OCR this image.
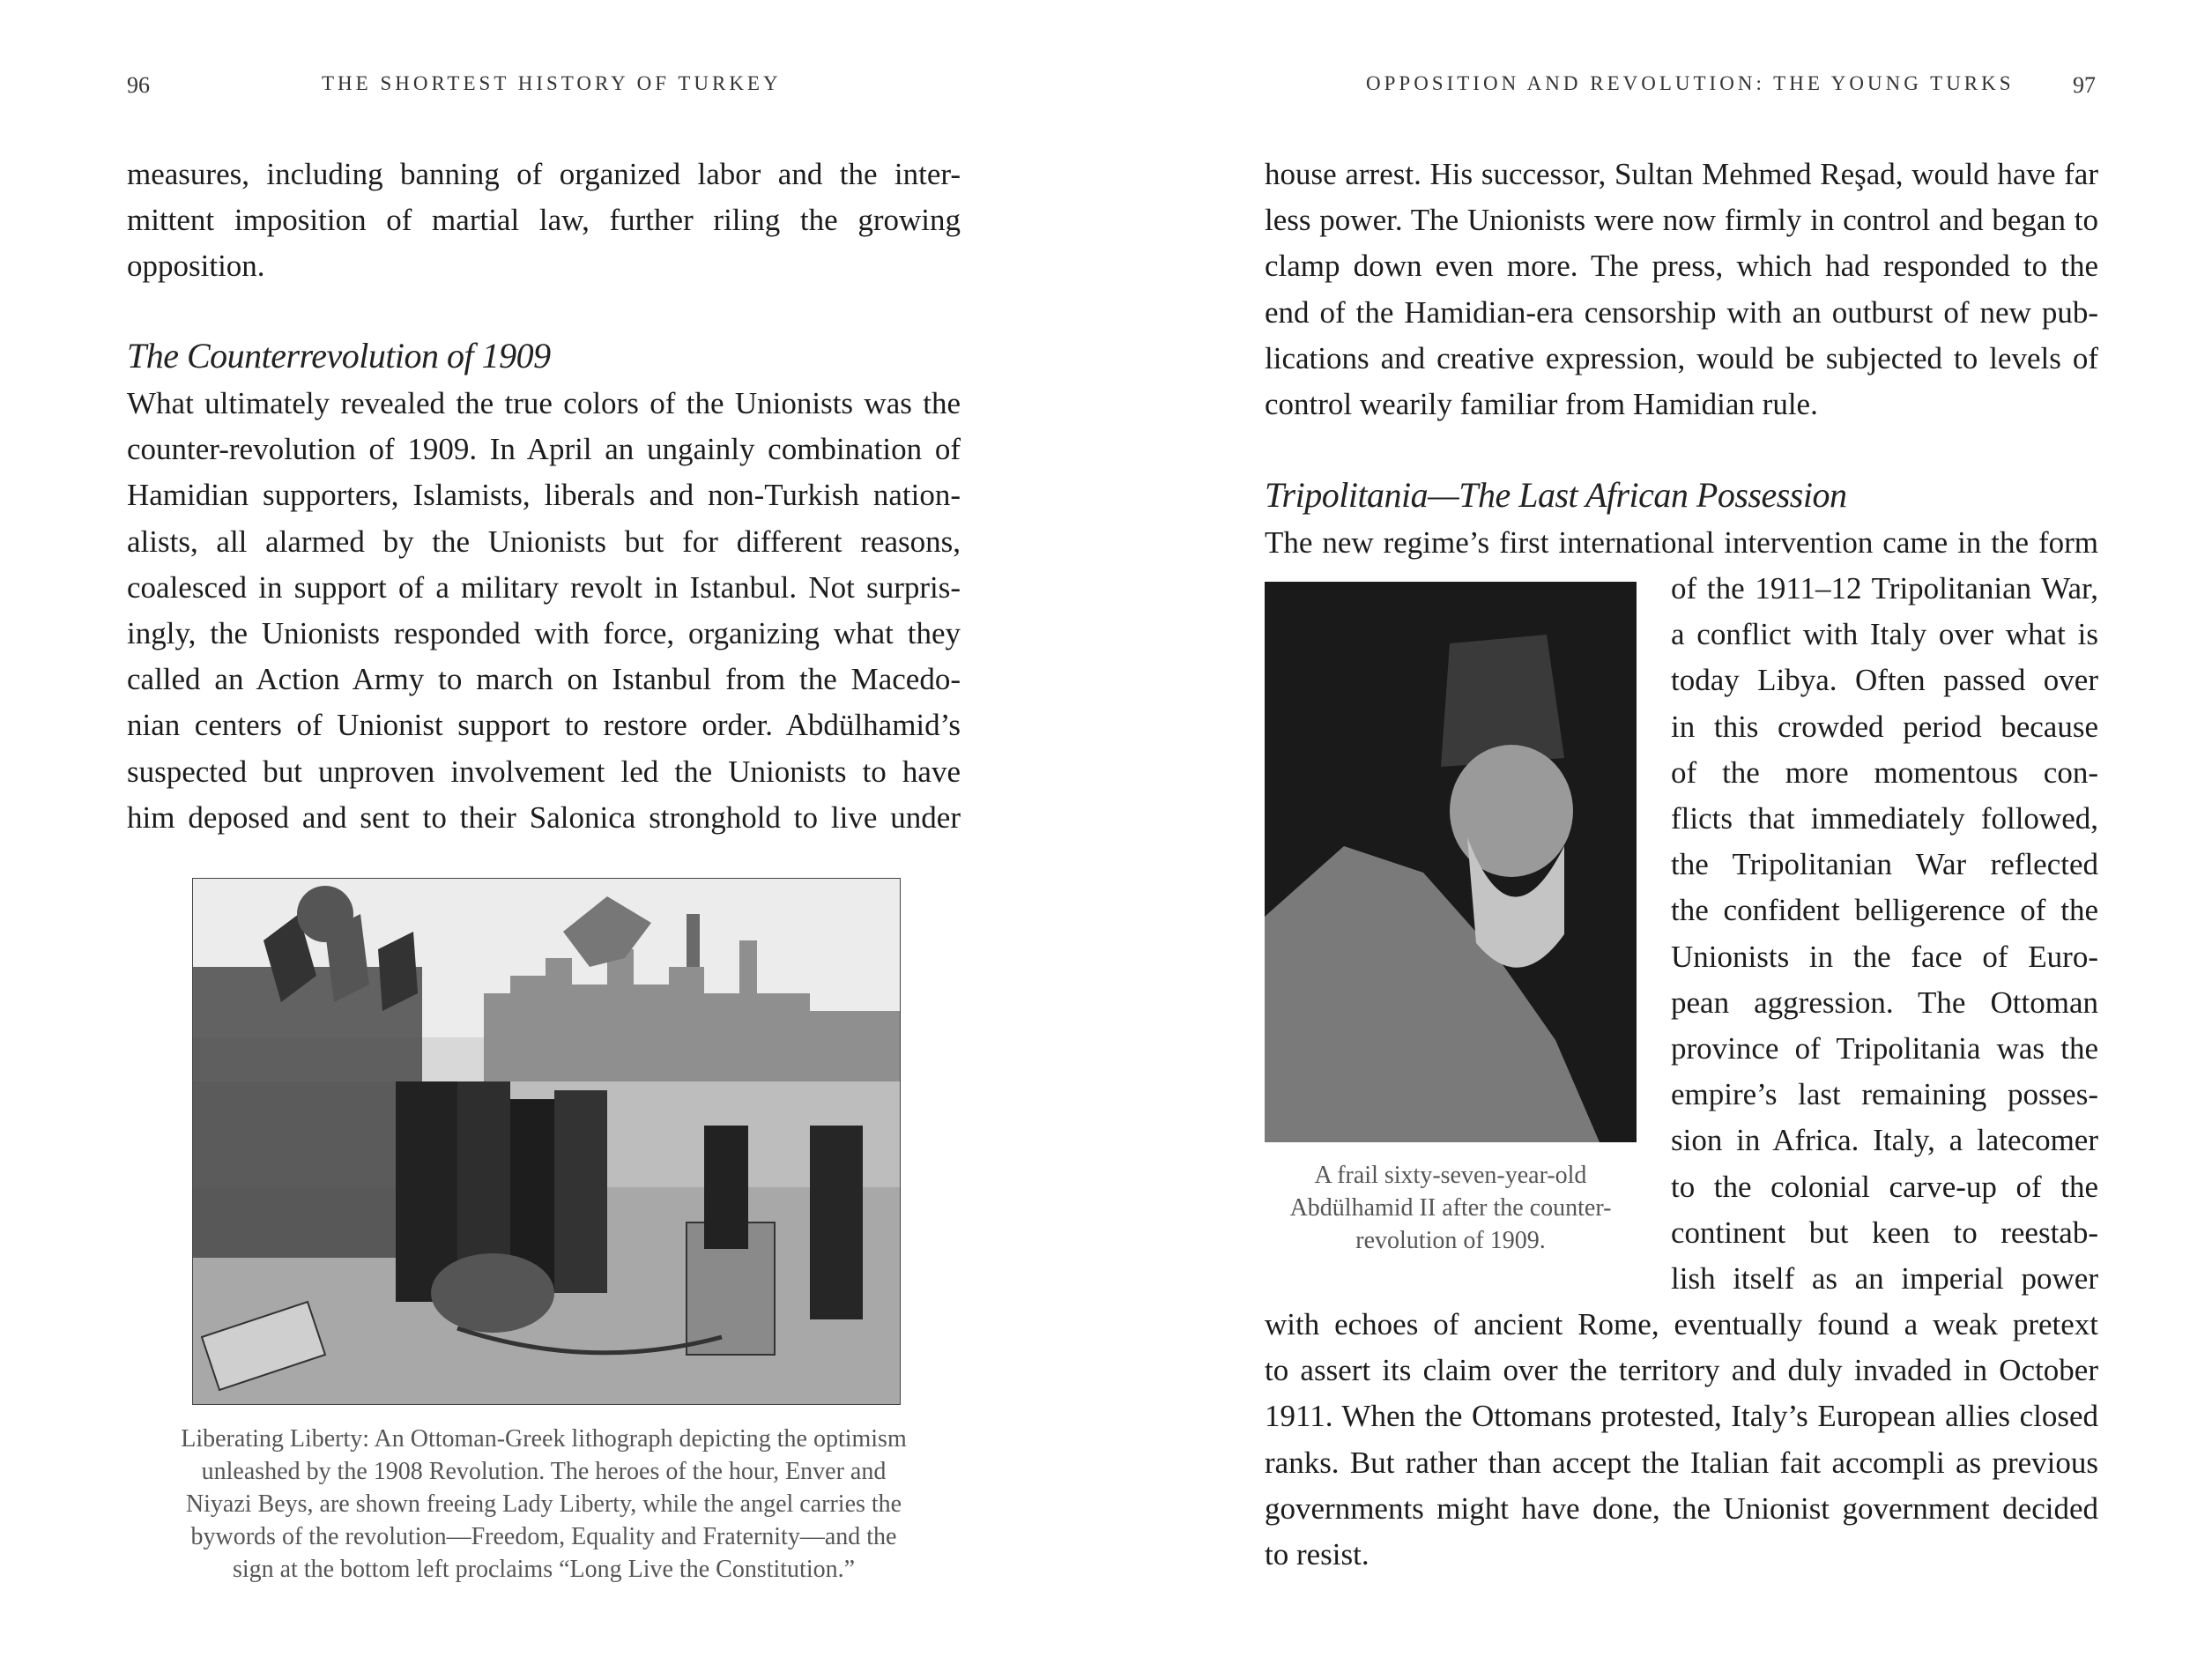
96	THE SHORTEST HISTORY OF TURKEY

measures, including banning of organized labor and the inter-

mittent imposition of martial law, further riling the growing

opposition.

The Counterrevolution of 1909

What ultimately revealed the true colors of the Unionists was the

counter-revolution of 1909. In April an ungainly combination of

Hamidian supporters, Islamists, liberals and non-Turkish nation-

alists, all alarmed by the Unionists but for different reasons,

coalesced in support of a military revolt in Istanbul. Not surpris-

ingly, the Unionists responded with force, organizing what they

called an Action Army to march on Istanbul from the Macedo-

nian centers of Unionist support to restore order. Abdülhamid’s

suspected but unproven involvement led the Unionists to have

him deposed and sent to their Salonica stronghold to live under

Liberating Liberty: An Ottoman-Greek lithograph depicting the optimism
unleashed by the 1908 Revolution. The heroes of the hour, Enver and
Niyazi Beys, are shown freeing Lady Liberty, while the angel carries the
bywords of the revolution—Freedom, Equality and Fraternity—and the
sign at the bottom left proclaims “Long Live the Constitution.”
OPPOSITION AND REVOLUTION: THE YOUNG TURKS	97

house arrest. His successor, Sultan Mehmed Reşad, would have far

less power. The Unionists were now firmly in control and began to

clamp down even more. The press, which had responded to the

end of the Hamidian-era censorship with an outburst of new pub-

lications and creative expression, would be subjected to levels of

control wearily familiar from Hamidian rule.

Tripolitania—The Last African Possession

The new regime’s first international intervention came in the form

A frail sixty-seven-year-old
Abdülhamid II after the counter-
revolution of 1909.

of the 1911–12 Tripolitanian War,

a conflict with Italy over what is

today Libya. Often passed over

in this crowded period because

of the more momentous con-

flicts that immediately followed,

the Tripolitanian War reflected

the confident belligerence of the

Unionists in the face of Euro-

pean aggression. The Ottoman

province of Tripolitania was the

empire’s last remaining posses-

sion in Africa. Italy, a latecomer

to the colonial carve-up of the

continent but keen to reestab-

lish itself as an imperial power

with echoes of ancient Rome, eventually found a weak pretext

to assert its claim over the territory and duly invaded in October

1911. When the Ottomans protested, Italy’s European allies closed

ranks. But rather than accept the Italian fait accompli as previous

governments might have done, the Unionist government decided

to resist.
